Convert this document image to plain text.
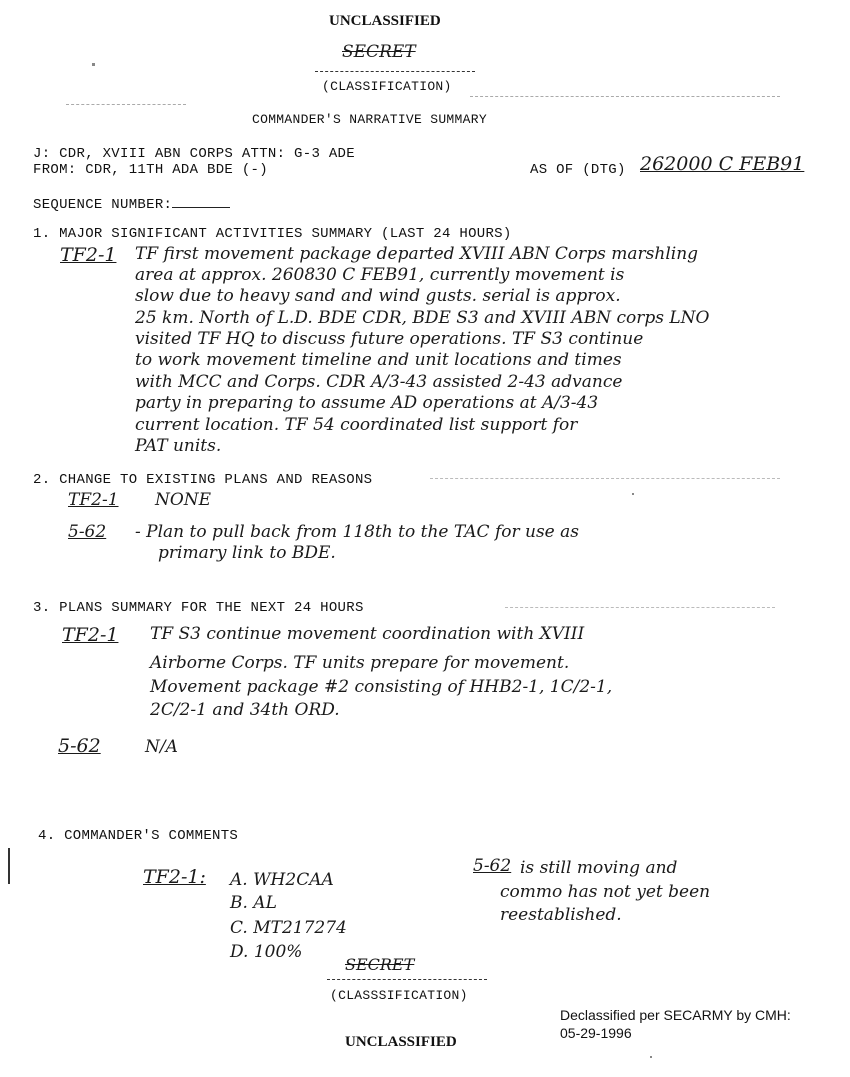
UNCLASSIFIED
SECRET
(CLASSIFICATION)
COMMANDER'S NARRATIVE SUMMARY
J: CDR, XVIII ABN CORPS ATTN: G-3 ADE
FROM: CDR, 11TH ADA BDE (-)	AS OF (DTG) 262000 C FEB91
SEQUENCE NUMBER:
1. MAJOR SIGNIFICANT ACTIVITIES SUMMARY (LAST 24 HOURS)
TF2-1 TF first movement package departed XVIII ABN Corps marshling
area at approx. 260830 C FEB91, currently movement is
slow due to heavy sand and wind gusts. serial is approx.
25 km. North of L.D. BDE CDR, BDE S3 and XVIII ABN corps LNO
visited TF HQ to discuss future operations. TF S3 continue
to work movement timeline and unit locations and times
with MCC and Corps. CDR A/3-43 assisted 2-43 advance
party in preparing to assume AD operations at A/3-43
current location. TF 54 coordinated list support for
PAT units.
2. CHANGE TO EXISTING PLANS AND REASONS
TF2-1 NONE
5-62 - Plan to pull back from 118th to the TAC for use as
primary link to BDE.
3. PLANS SUMMARY FOR THE NEXT 24 HOURS
TF2-1 TF S3 continue movement coordination with XVIII
Airborne Corps. TF units prepare for movement.
Movement package #2 consisting of HHB2-1, 1C/2-1,
2C/2-1 and 34th ORD.
5-62	N/A
4. COMMANDER'S COMMENTS
TF2-1: A. WH2CAA
B. AL
C. MT217274
D. 100%
5-62 is still moving and
commo has not yet been
reestablished.
SECRET
(CLASSSIFICATION)
Declassified per SECARMY by CMH:
05-29-1996
UNCLASSIFIED
